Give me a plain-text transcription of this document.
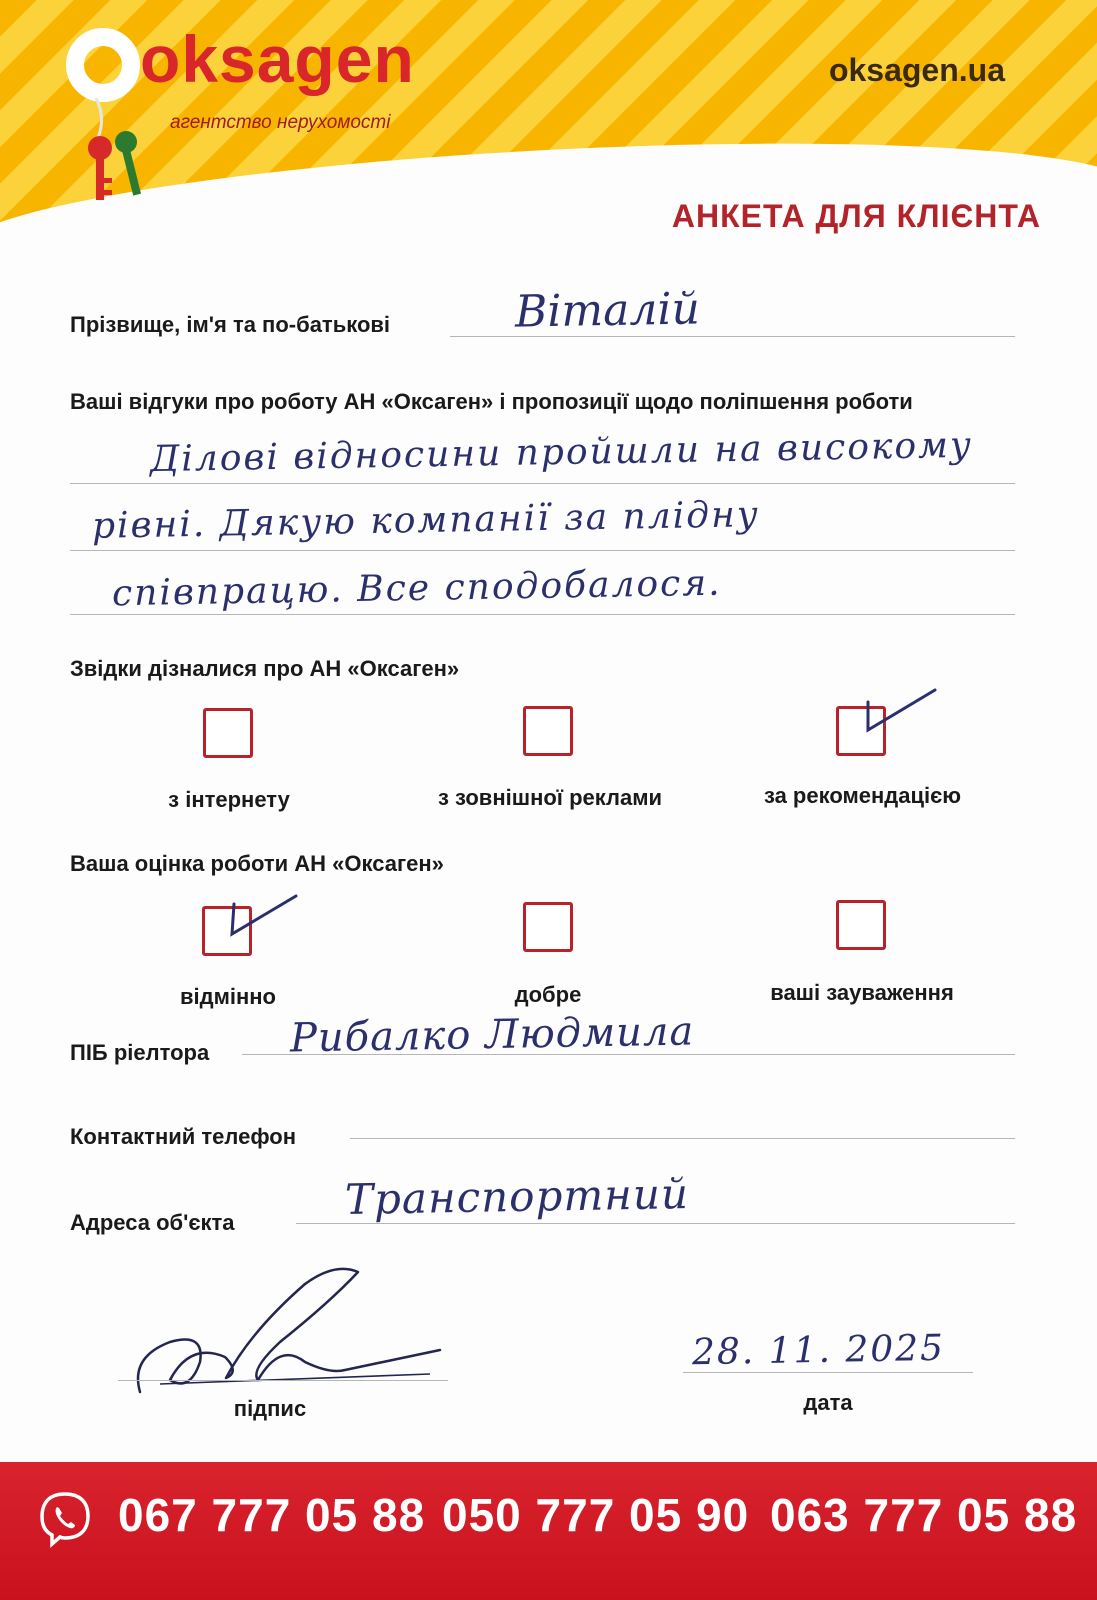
oksagen
агентство нерухомості
oksagen.ua
АНКЕТА ДЛЯ КЛІЄНТА
Прізвище, ім'я та по-батькові	Віталій
Ваші відгуки про роботу АН «Оксаген» і пропозиції щодо поліпшення роботи
Ділові відносини пройшли на високому
рівні. Дякую компанії за плідну
співпрацю. Все сподобалося.
Звідки дізналися про АН «Оксаген»
з інтернету	з зовнішної реклами	за рекомендацією
Ваша оцінка роботи АН «Оксаген»
відмінно	добре	ваші зауваження
ПІБ ріелтора Рибалко Людмила
Контактний телефон
Адреса об'єкта	Транспортний
підпис
28. 11. 2025
дата
067 777 05 88 050 777 05 90 063 777 05 88
